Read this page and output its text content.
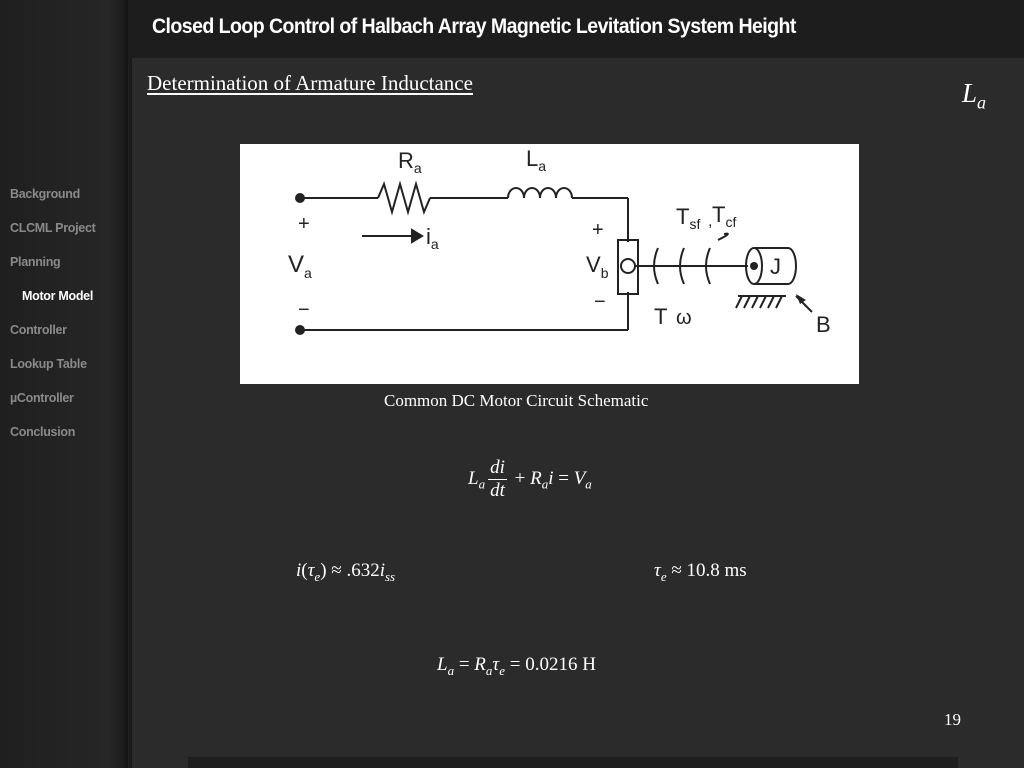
Closed Loop Control of Halbach Array Magnetic Levitation System Height
Determination of Armature Inductance	$L_a$
Background
CLCML Project
Planning
Motor Model
Controller
Lookup Table
µController
Conclusion
$R_a$	$L_a$
$i_a$
+
$V_a$
−
+
$V_b$
−
$T_{sf}$ , $T_{cf}$
T ω
J
B
Common DC Motor Circuit Schematic
$L_a \frac{di}{dt} + R_ai = V_a$
$i(\tau_e) \approx .632i_{ss}$	$\tau_e \approx 10.8$ ms
$L_a = R_a\tau_e = 0.0216$ H
19
